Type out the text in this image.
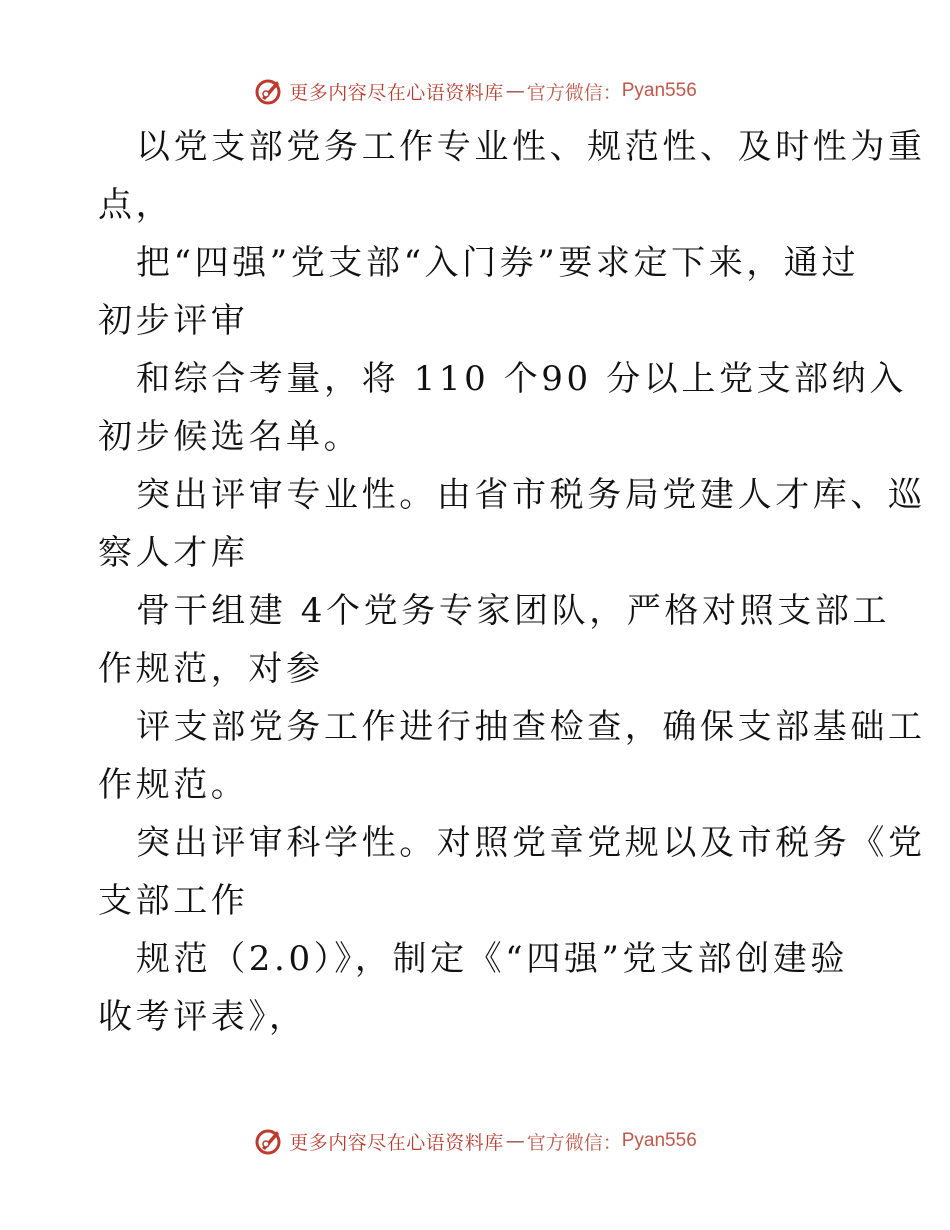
更多内容尽在心语资料库 — 官方微信： Pyan556

以党支部党务工作专业性、规范性、及时性为重
点，

把“四强”党支部“入门券”要求定下来，通过
初步评审

和综合考量，将 110 个90 分以上党支部纳入
初步候选名单。

突出评审专业性。由省市税务局党建人才库、巡
察人才库

骨干组建 4个党务专家团队，严格对照支部工
作规范，对参

评支部党务工作进行抽查检查，确保支部基础工
作规范。

突出评审科学性。对照党章党规以及市税务《党
支部工作

规范（2.0）》，制定《“四强”党支部创建验
收考评表》，

更多内容尽在心语资料库 — 官方微信： Pyan556
